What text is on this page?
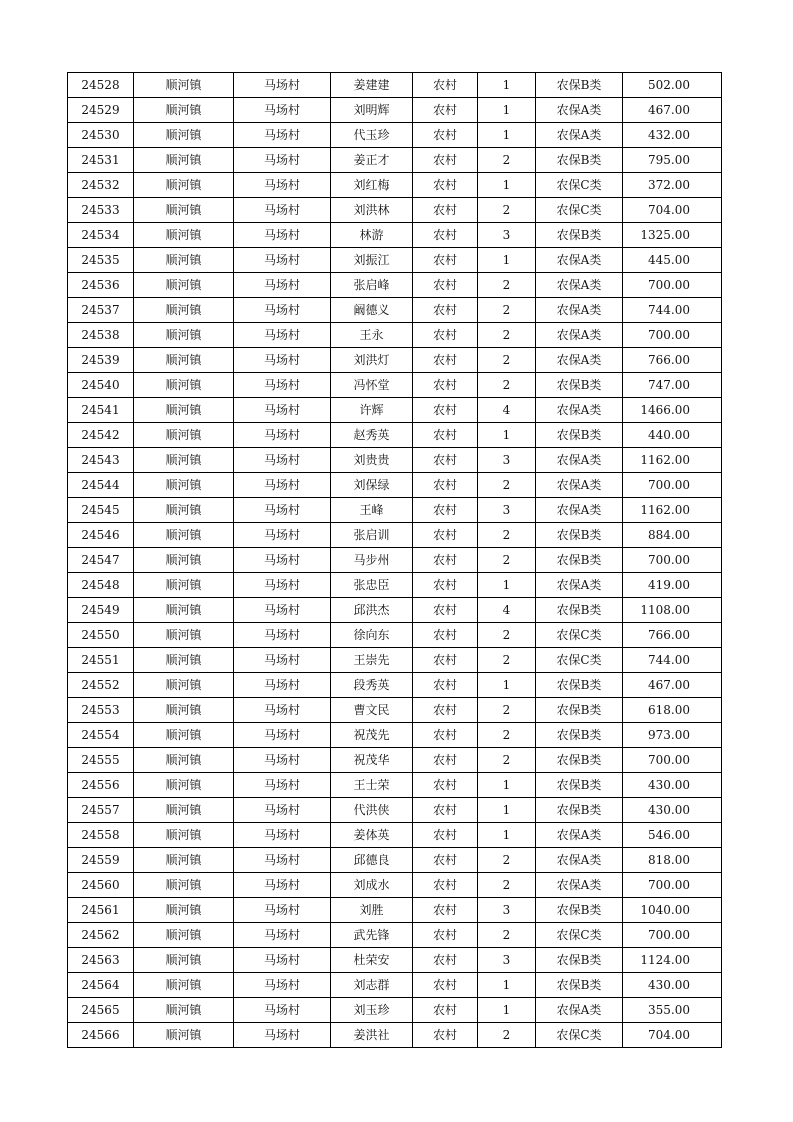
24528	顺河镇	马场村	姜建建	农村	1	农保B类	502.00
24529	顺河镇	马场村	刘明辉	农村	1	农保A类	467.00
24530	顺河镇	马场村	代玉珍	农村	1	农保A类	432.00
24531	顺河镇	马场村	姜正才	农村	2	农保B类	795.00
24532	顺河镇	马场村	刘红梅	农村	1	农保C类	372.00
24533	顺河镇	马场村	刘洪林	农村	2	农保C类	704.00
24534	顺河镇	马场村	林游	农村	3	农保B类	1325.00
24535	顺河镇	马场村	刘振江	农村	1	农保A类	445.00
24536	顺河镇	马场村	张启峰	农村	2	农保A类	700.00
24537	顺河镇	马场村	阚德义	农村	2	农保A类	744.00
24538	顺河镇	马场村	王永	农村	2	农保A类	700.00
24539	顺河镇	马场村	刘洪灯	农村	2	农保A类	766.00
24540	顺河镇	马场村	冯怀堂	农村	2	农保B类	747.00
24541	顺河镇	马场村	许辉	农村	4	农保A类	1466.00
24542	顺河镇	马场村	赵秀英	农村	1	农保B类	440.00
24543	顺河镇	马场村	刘贵贵	农村	3	农保A类	1162.00
24544	顺河镇	马场村	刘保绿	农村	2	农保A类	700.00
24545	顺河镇	马场村	王峰	农村	3	农保A类	1162.00
24546	顺河镇	马场村	张启训	农村	2	农保B类	884.00
24547	顺河镇	马场村	马步州	农村	2	农保B类	700.00
24548	顺河镇	马场村	张忠臣	农村	1	农保A类	419.00
24549	顺河镇	马场村	邱洪杰	农村	4	农保B类	1108.00
24550	顺河镇	马场村	徐向东	农村	2	农保C类	766.00
24551	顺河镇	马场村	王崇先	农村	2	农保C类	744.00
24552	顺河镇	马场村	段秀英	农村	1	农保B类	467.00
24553	顺河镇	马场村	曹文民	农村	2	农保B类	618.00
24554	顺河镇	马场村	祝茂先	农村	2	农保B类	973.00
24555	顺河镇	马场村	祝茂华	农村	2	农保B类	700.00
24556	顺河镇	马场村	王士荣	农村	1	农保B类	430.00
24557	顺河镇	马场村	代洪侠	农村	1	农保B类	430.00
24558	顺河镇	马场村	姜体英	农村	1	农保A类	546.00
24559	顺河镇	马场村	邱德良	农村	2	农保A类	818.00
24560	顺河镇	马场村	刘成水	农村	2	农保A类	700.00
24561	顺河镇	马场村	刘胜	农村	3	农保B类	1040.00
24562	顺河镇	马场村	武先锋	农村	2	农保C类	700.00
24563	顺河镇	马场村	杜荣安	农村	3	农保B类	1124.00
24564	顺河镇	马场村	刘志群	农村	1	农保B类	430.00
24565	顺河镇	马场村	刘玉珍	农村	1	农保A类	355.00
24566	顺河镇	马场村	姜洪社	农村	2	农保C类	704.00
